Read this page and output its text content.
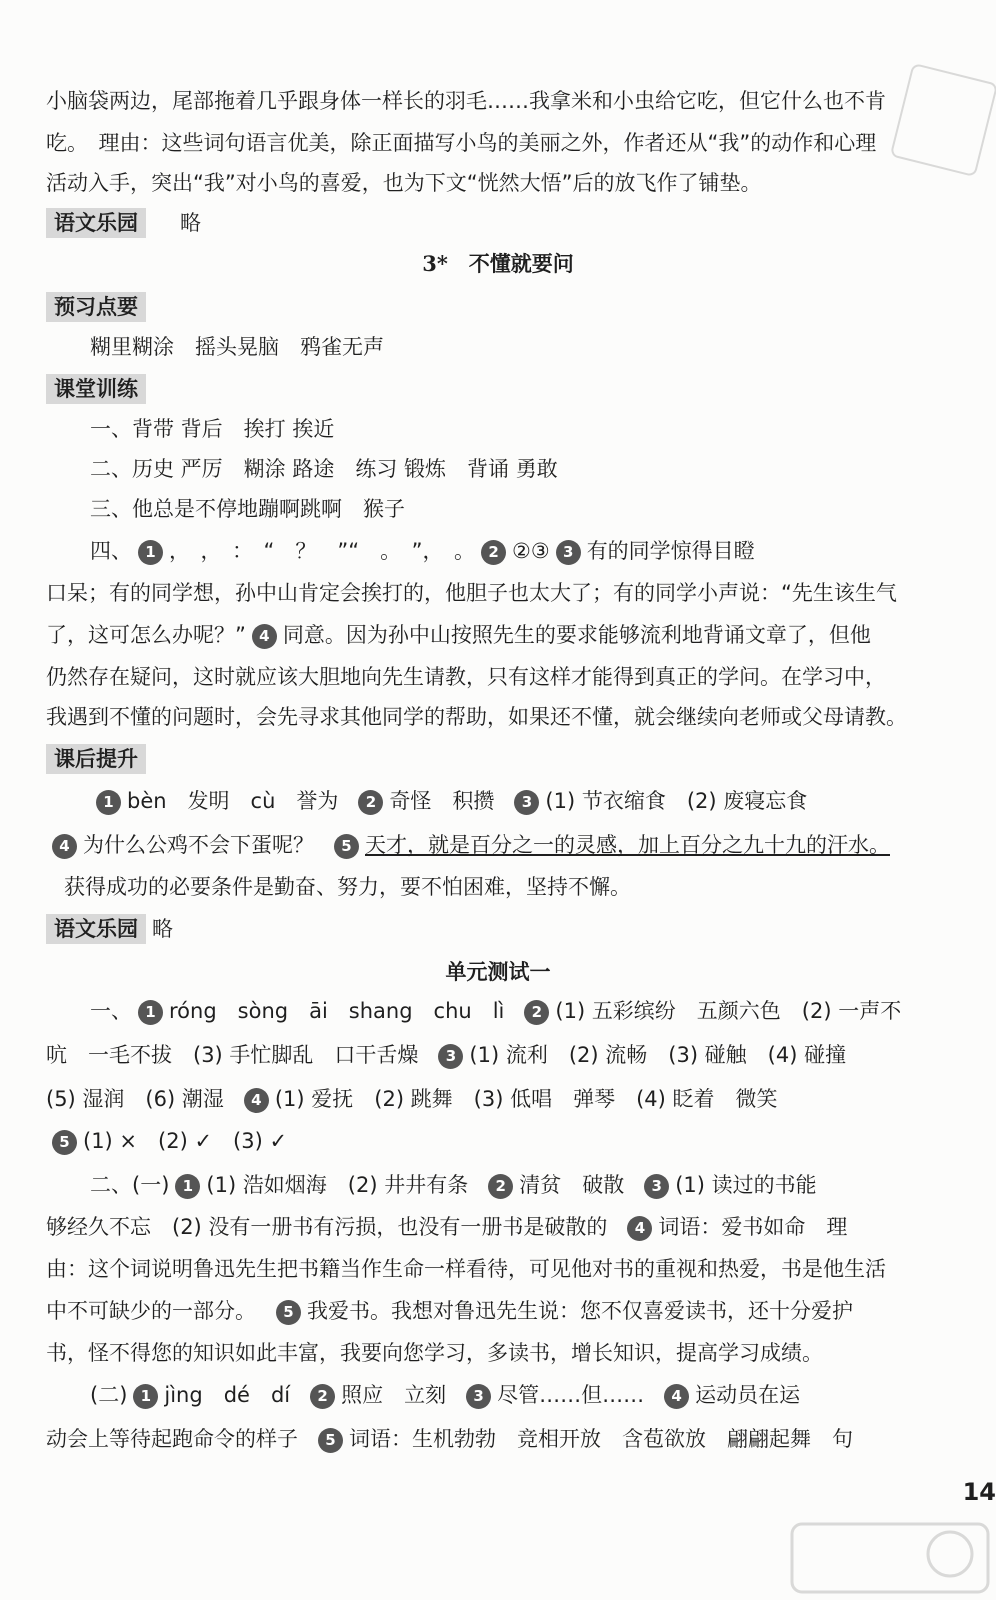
小脑袋两边，尾部拖着几乎跟身体一样长的羽毛……我拿米和小虫给它吃，但它什么也不肯
吃。　理由：这些词句语言优美，除正面描写小鸟的美丽之外，作者还从“我”的动作和心理
活动入手，突出“我”对小鸟的喜爱，也为下文“恍然大悟”后的放飞作了铺垫。
语文乐园	略
3*　不懂就要问
预习点要
糊里糊涂　摇头晃脑　鸦雀无声
课堂训练
一、背带 背后　挨打 挨近
二、历史 严厉　糊涂 路途　练习 锻炼　背诵 勇敢
三、他总是不停地蹦啊跳啊　猴子
四、 1 ，　，　：　“　？　”“　。　”，　。 2 ②③ 3 有的同学惊得目瞪
口呆；有的同学想，孙中山肯定会挨打的，他胆子也太大了；有的同学小声说：“先生该生气
了，这可怎么办呢？” 4 同意。因为孙中山按照先生的要求能够流利地背诵文章了，但他
仍然存在疑问，这时就应该大胆地向先生请教，只有这样才能得到真正的学问。在学习中，
我遇到不懂的问题时，会先寻求其他同学的帮助，如果还不懂，就会继续向老师或父母请教。
课后提升
1 bèn　发明　cù　誉为 2 奇怪　积攒 3 (1) 节衣缩食　(2) 废寝忘食
4 为什么公鸡不会下蛋呢？ 5 天才，就是百分之一的灵感，加上百分之九十九的汗水。
获得成功的必要条件是勤奋、努力，要不怕困难，坚持不懈。
语文乐园 略
单元测试一
一、 1 róng　sòng　āi　shang　chu　lì 2 (1) 五彩缤纷　五颜六色　(2) 一声不
吭　一毛不拔　(3) 手忙脚乱　口干舌燥 3 (1) 流利　(2) 流畅　(3) 碰触　(4) 碰撞
(5) 湿润　(6) 潮湿 4 (1) 爱抚　(2) 跳舞　(3) 低唱　弹琴　(4) 眨着　微笑
5 (1) ×　(2) ✓　(3) ✓
二、(一) 1 (1) 浩如烟海　(2) 井井有条 2 清贫　破散 3 (1) 读过的书能
够经久不忘　(2) 没有一册书有污损，也没有一册书是破散的 4 词语：爱书如命　理
由：这个词说明鲁迅先生把书籍当作生命一样看待，可见他对书的重视和热爱，书是他生活
中不可缺少的一部分。 5 我爱书。我想对鲁迅先生说：您不仅喜爱读书，还十分爱护
书，怪不得您的知识如此丰富，我要向您学习，多读书，增长知识，提高学习成绩。
(二) 1 jìng　dé　dí 2 照应　立刻 3 尽管……但…… 4 运动员在运
动会上等待起跑命令的样子 5 词语：生机勃勃　竞相开放　含苞欲放　翩翩起舞　句
14
